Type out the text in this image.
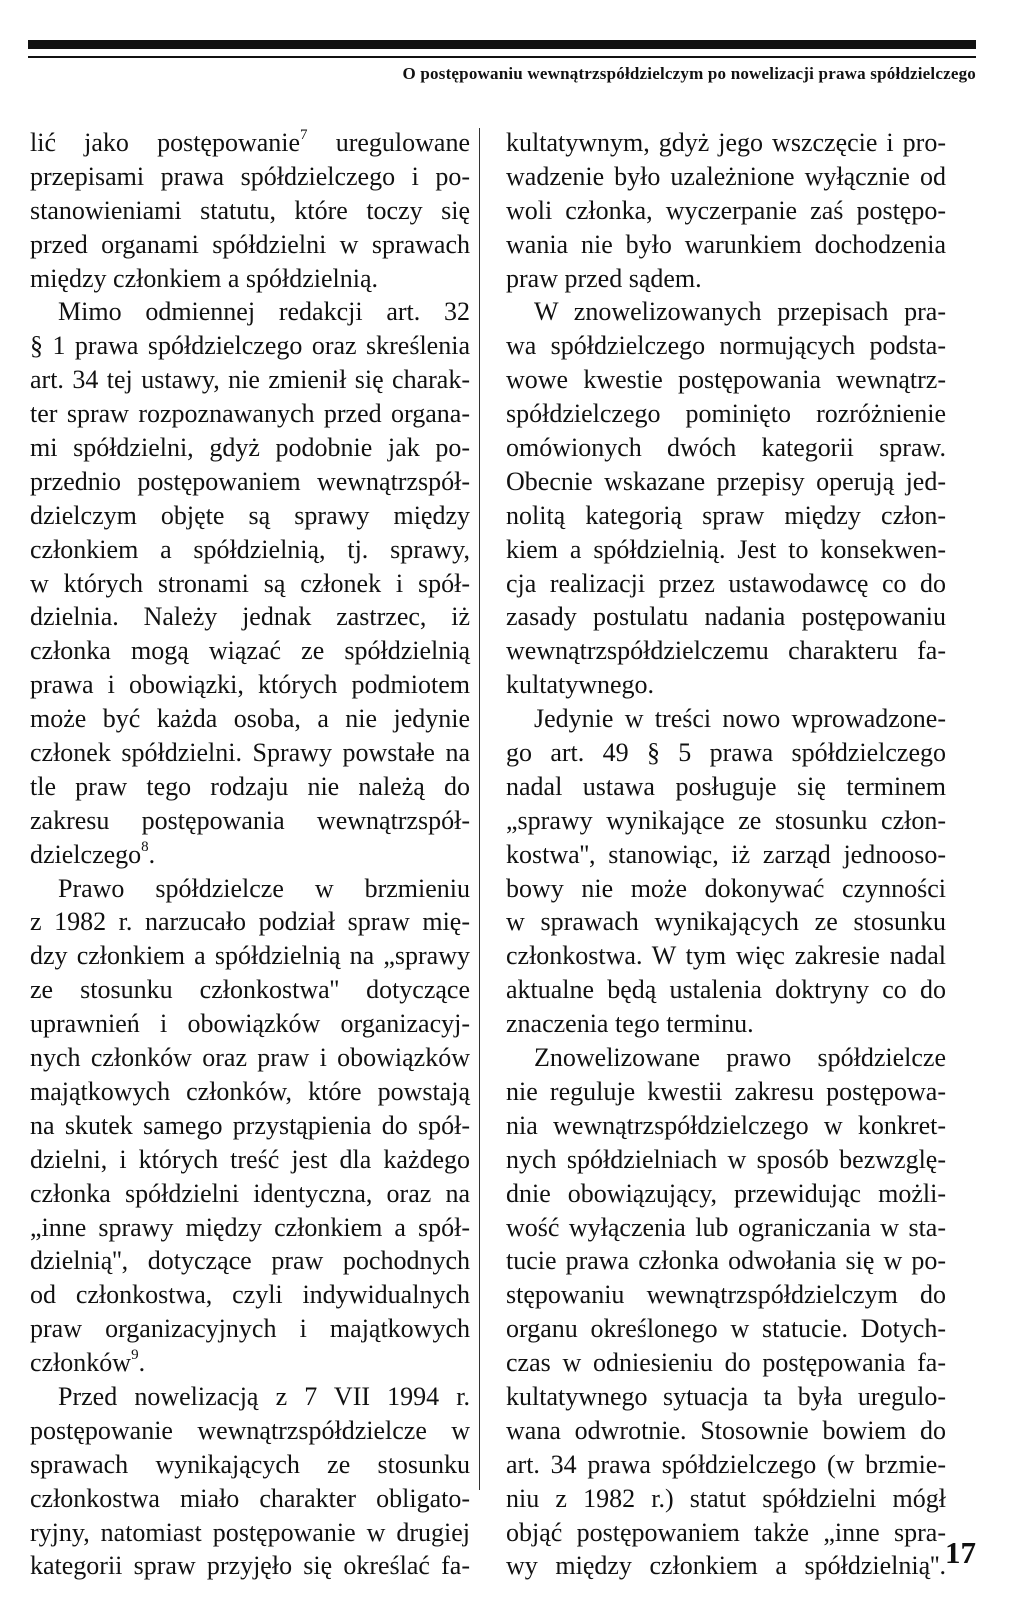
O postępowaniu wewnątrzspółdzielczym po nowelizacji prawa spółdzielczego
lić jako postępowanie$^7$ uregulowane
przepisami prawa spółdzielczego i po-
stanowieniami statutu, które toczy się
przed organami spółdzielni w sprawach
między członkiem a spółdzielnią.
Mimo odmiennej redakcji art. 32
§ 1 prawa spółdzielczego oraz skreślenia
art. 34 tej ustawy, nie zmienił się charak-
ter spraw rozpoznawanych przed organa-
mi spółdzielni, gdyż podobnie jak po-
przednio postępowaniem wewnątrzspół-
dzielczym objęte są sprawy między
członkiem a spółdzielnią, tj. sprawy,
w których stronami są członek i spół-
dzielnia. Należy jednak zastrzec, iż
członka mogą wiązać ze spółdzielnią
prawa i obowiązki, których podmiotem
może być każda osoba, a nie jedynie
członek spółdzielni. Sprawy powstałe na
tle praw tego rodzaju nie należą do
zakresu postępowania wewnątrzspół-
dzielczego$^8$.
Prawo spółdzielcze w brzmieniu
z 1982 r. narzucało podział spraw mię-
dzy członkiem a spółdzielnią na „sprawy
ze stosunku członkostwa'' dotyczące
uprawnień i obowiązków organizacyj-
nych członków oraz praw i obowiązków
majątkowych członków, które powstają
na skutek samego przystąpienia do spół-
dzielni, i których treść jest dla każdego
członka spółdzielni identyczna, oraz na
„inne sprawy między członkiem a spół-
dzielnią'', dotyczące praw pochodnych
od członkostwa, czyli indywidualnych
praw organizacyjnych i majątkowych
członków$^9$.
Przed nowelizacją z 7 VII 1994 r.
postępowanie wewnątrzspółdzielcze w
sprawach wynikających ze stosunku
członkostwa miało charakter obligato-
ryjny, natomiast postępowanie w drugiej
kategorii spraw przyjęło się określać fa-
kultatywnym, gdyż jego wszczęcie i pro-
wadzenie było uzależnione wyłącznie od
woli członka, wyczerpanie zaś postępo-
wania nie było warunkiem dochodzenia
praw przed sądem.
W znowelizowanych przepisach pra-
wa spółdzielczego normujących podsta-
wowe kwestie postępowania wewnątrz-
spółdzielczego pominięto rozróżnienie
omówionych dwóch kategorii spraw.
Obecnie wskazane przepisy operują jed-
nolitą kategorią spraw między człon-
kiem a spółdzielnią. Jest to konsekwen-
cja realizacji przez ustawodawcę co do
zasady postulatu nadania postępowaniu
wewnątrzspółdzielczemu charakteru fa-
kultatywnego.
Jedynie w treści nowo wprowadzone-
go art. 49 § 5 prawa spółdzielczego
nadal ustawa posługuje się terminem
„sprawy wynikające ze stosunku człon-
kostwa'', stanowiąc, iż zarząd jednooso-
bowy nie może dokonywać czynności
w sprawach wynikających ze stosunku
członkostwa. W tym więc zakresie nadal
aktualne będą ustalenia doktryny co do
znaczenia tego terminu.
Znowelizowane prawo spółdzielcze
nie reguluje kwestii zakresu postępowa-
nia wewnątrzspółdzielczego w konkret-
nych spółdzielniach w sposób bezwzglę-
dnie obowiązujący, przewidując możli-
wość wyłączenia lub ograniczania w sta-
tucie prawa członka odwołania się w po-
stępowaniu wewnątrzspółdzielczym do
organu określonego w statucie. Dotych-
czas w odniesieniu do postępowania fa-
kultatywnego sytuacja ta była uregulo-
wana odwrotnie. Stosownie bowiem do
art. 34 prawa spółdzielczego (w brzmie-
niu z 1982 r.) statut spółdzielni mógł
objąć postępowaniem także „inne spra-
wy między członkiem a spółdzielnią''. 17
